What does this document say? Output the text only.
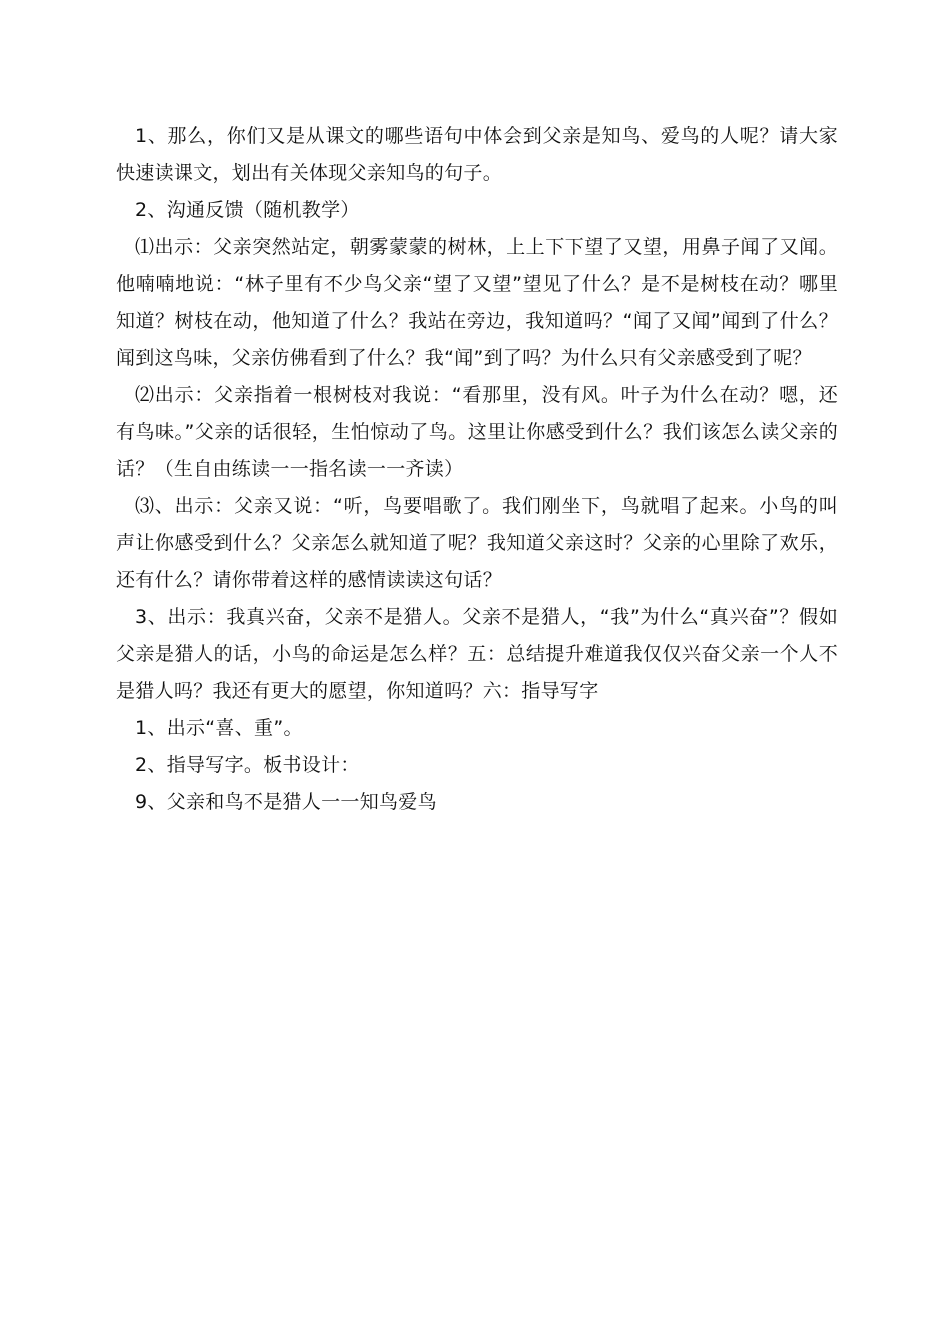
1、那么，你们又是从课文的哪些语句中体会到父亲是知鸟、爱鸟的人呢？请大家快速读课文，划出有关体现父亲知鸟的句子。

2、沟通反馈（随机教学）

⑴出示：父亲突然站定，朝雾蒙蒙的树林，上上下下望了又望，用鼻子闻了又闻。他喃喃地说：“林子里有不少鸟父亲“望了又望”望见了什么？是不是树枝在动？哪里知道？树枝在动，他知道了什么？我站在旁边，我知道吗？“闻了又闻”闻到了什么？闻到这鸟味，父亲仿佛看到了什么？我“闻”到了吗？为什么只有父亲感受到了呢？

⑵出示：父亲指着一根树枝对我说：“看那里，没有风。叶子为什么在动？嗯，还有鸟味。”父亲的话很轻，生怕惊动了鸟。这里让你感受到什么？我们该怎么读父亲的话？（生自由练读一一指名读一一齐读）

⑶、出示：父亲又说：“听，鸟要唱歌了。我们刚坐下，鸟就唱了起来。小鸟的叫声让你感受到什么？父亲怎么就知道了呢？我知道父亲这时？父亲的心里除了欢乐，还有什么？请你带着这样的感情读读这句话？

3、出示：我真兴奋，父亲不是猎人。父亲不是猎人，“我”为什么“真兴奋”？假如父亲是猎人的话，小鸟的命运是怎么样？五：总结提升难道我仅仅兴奋父亲一个人不是猎人吗？我还有更大的愿望，你知道吗？六：指导写字

1、出示“喜、重”。

2、指导写字。板书设计：

9、父亲和鸟不是猎人一一知鸟爱鸟
